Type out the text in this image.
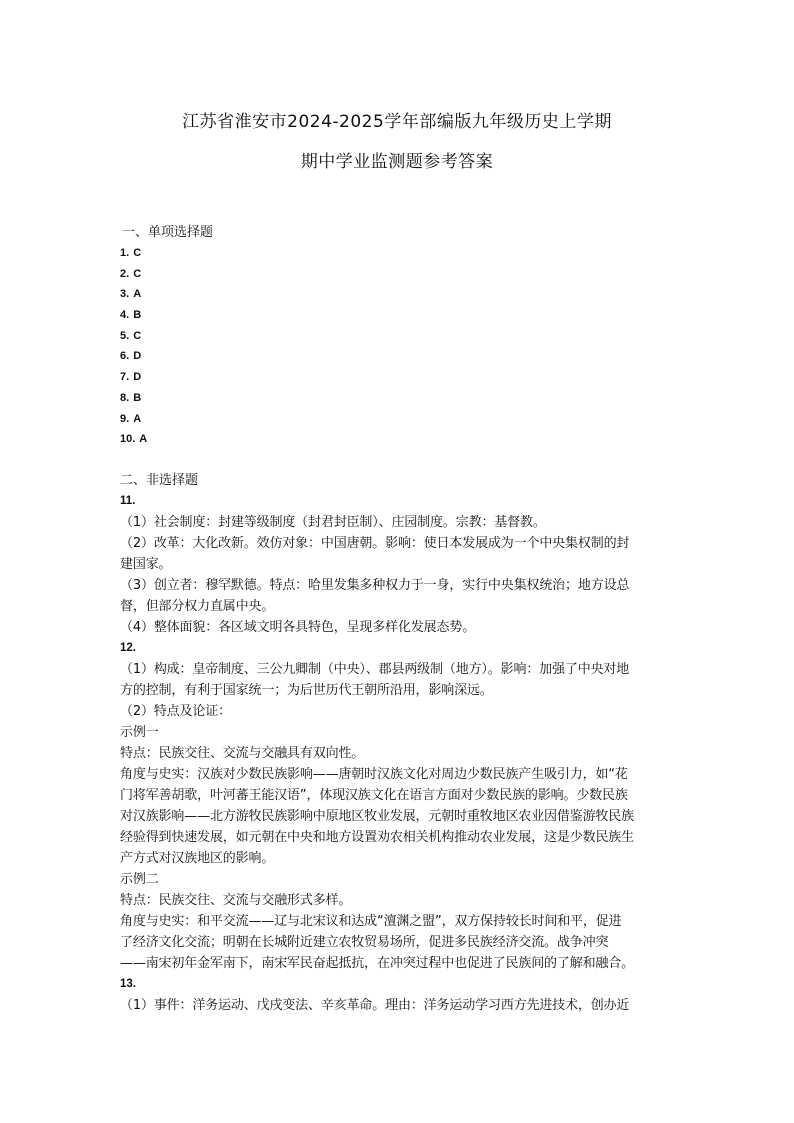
江苏省淮安市2024-2025学年部编版九年级历史上学期
期中学业监测题参考答案
一、单项选择题
1. C
2. C
3. A
4. B
5. C
6. D
7. D
8. B
9. A
10. A
二、非选择题
11.
（1）社会制度：封建等级制度（封君封臣制）、庄园制度。宗教：基督教。
（2）改革：大化改新。效仿对象：中国唐朝。影响：使日本发展成为一个中央集权制的封
建国家。
（3）创立者：穆罕默德。特点：哈里发集多种权力于一身，实行中央集权统治；地方设总
督，但部分权力直属中央。
（4）整体面貌：各区域文明各具特色，呈现多样化发展态势。
12.
（1）构成：皇帝制度、三公九卿制（中央）、郡县两级制（地方）。影响：加强了中央对地
方的控制，有利于国家统一；为后世历代王朝所沿用，影响深远。
（2）特点及论证：
示例一
特点：民族交往、交流与交融具有双向性。
角度与史实：汉族对少数民族影响——唐朝时汉族文化对周边少数民族产生吸引力，如“花
门将军善胡歌，叶河蕃王能汉语”，体现汉族文化在语言方面对少数民族的影响。少数民族
对汉族影响——北方游牧民族影响中原地区牧业发展，元朝时重牧地区农业因借鉴游牧民族
经验得到快速发展，如元朝在中央和地方设置劝农相关机构推动农业发展，这是少数民族生
产方式对汉族地区的影响。
示例二
特点：民族交往、交流与交融形式多样。
角度与史实：和平交流——辽与北宋议和达成“澶渊之盟”，双方保持较长时间和平，促进
了经济文化交流；明朝在长城附近建立农牧贸易场所，促进多民族经济交流。战争冲突
——南宋初年金军南下，南宋军民奋起抵抗，在冲突过程中也促进了民族间的了解和融合。
13.
（1）事件：洋务运动、戊戌变法、辛亥革命。理由：洋务运动学习西方先进技术，创办近
